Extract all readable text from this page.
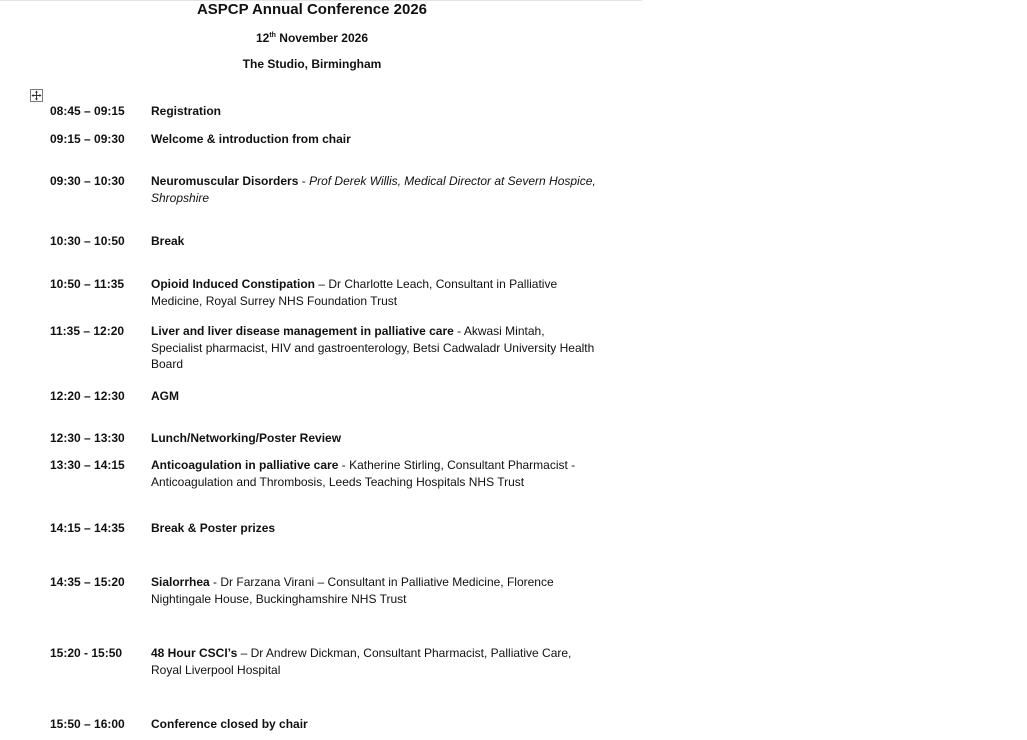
ASPCP Annual Conference 2026
12th November 2026
The Studio, Birmingham
08:45 – 09:15	Registration
09:15 – 09:30	Welcome & introduction from chair
09:30 – 10:30	Neuromuscular Disorders - Prof Derek Willis, Medical Director at Severn Hospice, Shropshire
10:30 – 10:50	Break
10:50 – 11:35	Opioid Induced Constipation – Dr Charlotte Leach, Consultant in Palliative Medicine, Royal Surrey NHS Foundation Trust
11:35 – 12:20	Liver and liver disease management in palliative care - Akwasi Mintah, Specialist pharmacist, HIV and gastroenterology, Betsi Cadwaladr University Health Board
12:20 – 12:30	AGM
12:30 – 13:30	Lunch/Networking/Poster Review
13:30 – 14:15	Anticoagulation in palliative care - Katherine Stirling, Consultant Pharmacist - Anticoagulation and Thrombosis, Leeds Teaching Hospitals NHS Trust
14:15 – 14:35	Break & Poster prizes
14:35 – 15:20	Sialorrhea - Dr Farzana Virani – Consultant in Palliative Medicine, Florence Nightingale House, Buckinghamshire NHS Trust
15:20 - 15:50	48 Hour CSCI’s – Dr Andrew Dickman, Consultant Pharmacist, Palliative Care, Royal Liverpool Hospital
15:50 – 16:00	Conference closed by chair
